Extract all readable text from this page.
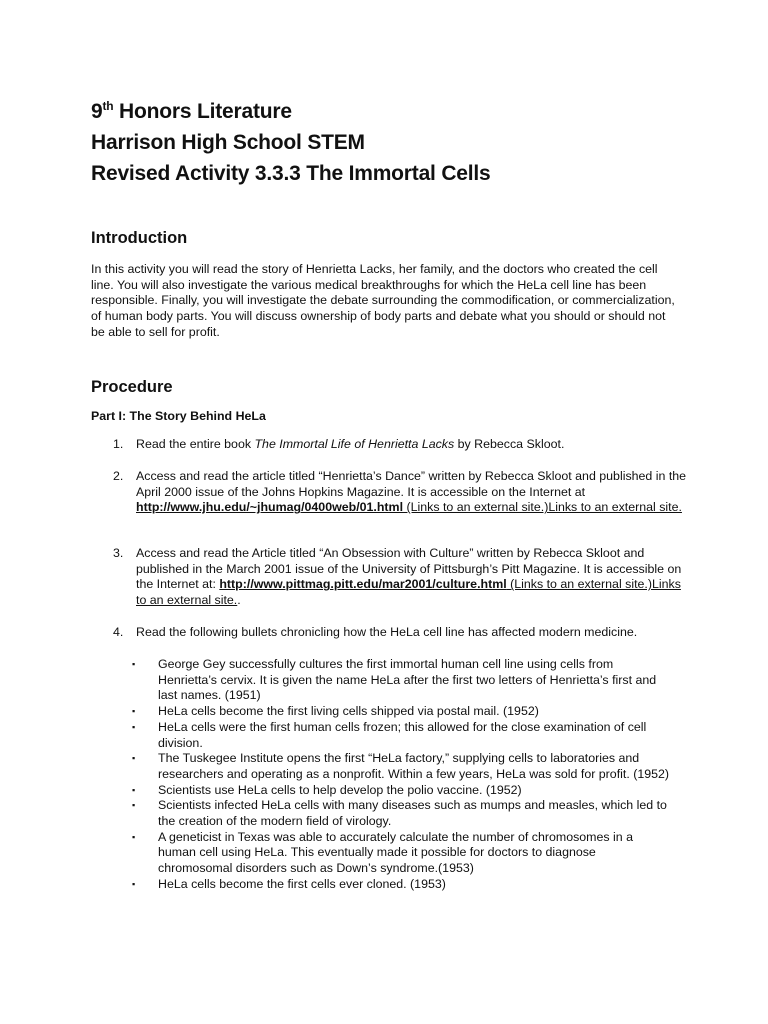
9th Honors Literature

Harrison High School STEM

Revised Activity 3.3.3 The Immortal Cells

Introduction

In this activity you will read the story of Henrietta Lacks, her family, and the doctors who created the cell line. You will also investigate the various medical breakthroughs for which the HeLa cell line has been responsible. Finally, you will investigate the debate surrounding the commodification, or commercialization, of human body parts. You will discuss ownership of body parts and debate what you should or should not be able to sell for profit.

Procedure

Part I: The Story Behind HeLa

1. Read the entire book The Immortal Life of Henrietta Lacks by Rebecca Skloot.
2. Access and read the article titled “Henrietta’s Dance” written by Rebecca Skloot and published in the April 2000 issue of the Johns Hopkins Magazine. It is accessible on the Internet at http://www.jhu.edu/~jhumag/0400web/01.html (Links to an external site.)Links to an external site.
3. Access and read the Article titled “An Obsession with Culture” written by Rebecca Skloot and published in the March 2001 issue of the University of Pittsburgh’s Pitt Magazine. It is accessible on the Internet at: http://www.pittmag.pitt.edu/mar2001/culture.html (Links to an external site.)Links to an external site..
4. Read the following bullets chronicling how the HeLa cell line has affected modern medicine.
▪ George Gey successfully cultures the first immortal human cell line using cells from Henrietta’s cervix. It is given the name HeLa after the first two letters of Henrietta’s first and last names. (1951)
▪ HeLa cells become the first living cells shipped via postal mail. (1952)
▪ HeLa cells were the first human cells frozen; this allowed for the close examination of cell division.
▪ The Tuskegee Institute opens the first “HeLa factory,” supplying cells to laboratories and researchers and operating as a nonprofit. Within a few years, HeLa was sold for profit. (1952)
▪ Scientists use HeLa cells to help develop the polio vaccine. (1952)
▪ Scientists infected HeLa cells with many diseases such as mumps and measles, which led to the creation of the modern field of virology.
▪ A geneticist in Texas was able to accurately calculate the number of chromosomes in a human cell using HeLa. This eventually made it possible for doctors to diagnose chromosomal disorders such as Down’s syndrome.(1953)
▪ HeLa cells become the first cells ever cloned. (1953)
